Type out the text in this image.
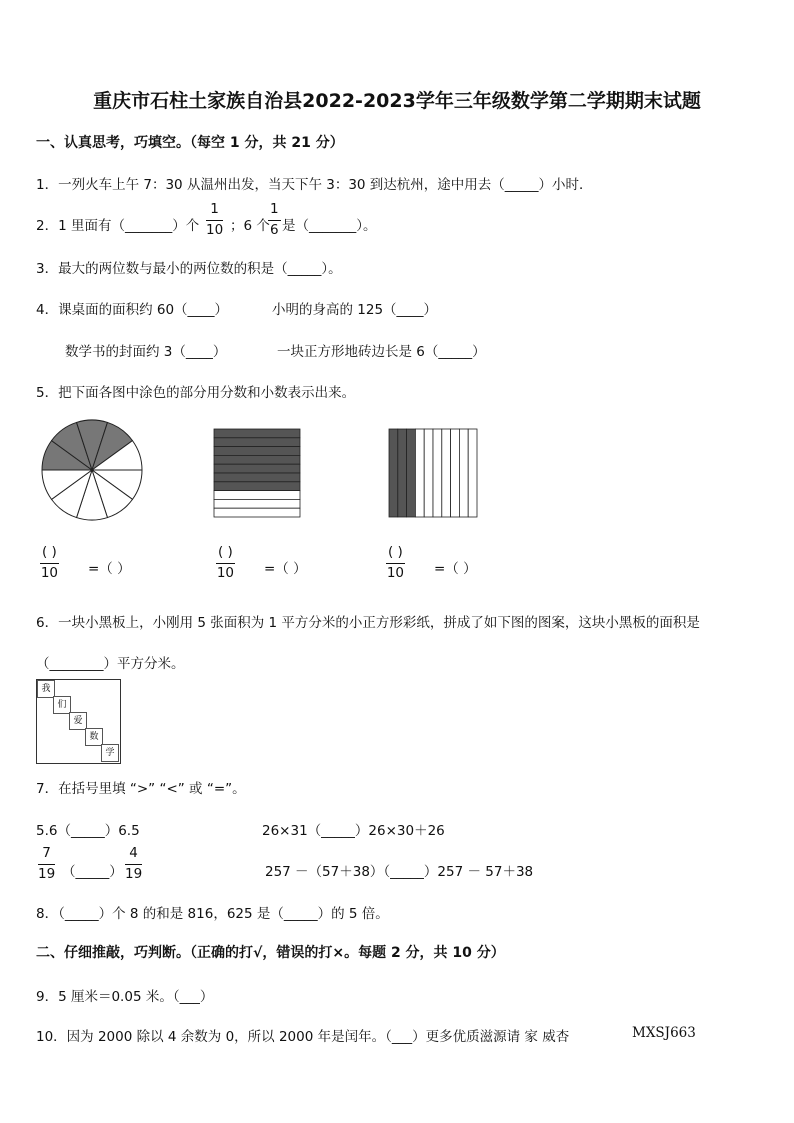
重庆市石柱土家族自治县2022-2023学年三年级数学第二学期期末试题
一、认真思考，巧填空。（每空 1 分，共 21 分）
1．一列火车上午 7：30 从温州出发，当天下午 3：30 到达杭州，途中用去（_____）小时．
2．1 里面有（_______）个 $\frac{1}{10}$ ；6 个
$\frac{1}{6}$ 是（_______）。
3．最大的两位数与最小的两位数的积是（_____）。
4．课桌面的面积约 60（____）	小明的身高的 125（____）
数学书的封面约 3（____）	一块正方形地砖边长是 6（_____）
5．把下面各图中涂色的部分用分数和小数表示出来。
( )
10 =（ ）
( )
10 =（ ）
( )
10 =（ ）
6．一块小黑板上，小刚用 5 张面积为 1 平方分米的小正方形彩纸，拼成了如下图的图案，这块小黑板的面积是
（________）平方分米。
我
们
爱
数
学
7．在括号里填 “>” “<” 或 “=”。
5.6（_____）6.5	26×31（_____）26×30＋26
$\frac{7}{19}$ （_____） $\frac{4}{19}$	257 －（57＋38）（_____）257 － 57＋38
8．（_____）个 8 的和是 816，625 是（_____）的 5 倍。
二、仔细推敲，巧判断。（正确的打√，错误的打×。每题 2 分，共 10 分）
9．5 厘米＝0.05 米。（___）
10．因为 2000 除以 4 余数为 0，所以 2000 年是闰年。（___）更多优质滋源请 家 威杏	MXSJ663
